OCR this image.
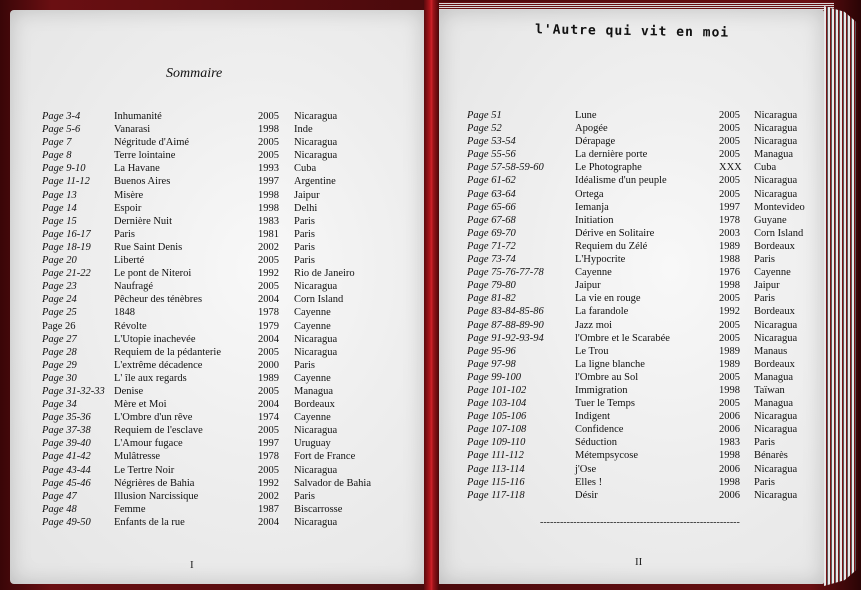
Sommaire
Page 3-4	Inhumanité	2005 Nicaragua
Page 5-6	Vanarasi	1998 Inde
Page 7	Négritude d'Aimé	2005 Nicaragua
Page 8	Terre lointaine	2005 Nicaragua
Page 9-10	La Havane	1993 Cuba
Page 11-12 Buenos Aires	1997 Argentine
Page 13	Misère	1998 Jaipur
Page 14	Espoir	1998 Delhi
Page 15	Dernière Nuit	1983 Paris
Page 16-17 Paris	1981 Paris
Page 18-19 Rue Saint Denis	2002 Paris
Page 20	Liberté	2005 Paris
Page 21-22 Le pont de Niteroi	1992 Rio de Janeiro
Page 23	Naufragé	2005 Nicaragua
Page 24	Pêcheur des ténèbres	2004 Corn Island
Page 25	1848	1978 Cayenne
Page 26	Révolte	1979 Cayenne
Page 27	L'Utopie inachevée	2004 Nicaragua
Page 28	Requiem de la pédanterie	2005 Nicaragua
Page 29	L'extrême décadence	2000 Paris
Page 30	L' île aux regards	1989 Cayenne
Page 31-32-33 Denise	2005 Managua
Page 34	Mère et Moi	2004 Bordeaux
Page 35-36 L'Ombre d'un rêve	1974 Cayenne
Page 37-38 Requiem de l'esclave	2005 Nicaragua
Page 39-40 L'Amour fugace	1997 Uruguay
Page 41-42 Mulâtresse	1978 Fort de France
Page 43-44 Le Tertre Noir	2005 Nicaragua
Page 45-46 Négrières de Bahia	1992 Salvador de Bahia
Page 47	Illusion Narcissique	2002 Paris
Page 48	Femme	1987 Biscarrosse
Page 49-50 Enfants de la rue	2004 Nicaragua

I

l'Autre qui vit en moi
Page 51	Lune	2005 Nicaragua
Page 52	Apogée	2005 Nicaragua
Page 53-54	Dérapage	2005 Nicaragua
Page 55-56	La dernière porte	2005 Managua
Page 57-58-59-60	Le Photographe	XXX Cuba
Page 61-62	Idéalisme d'un peuple	2005 Nicaragua
Page 63-64	Ortega	2005 Nicaragua
Page 65-66	Iemanja	1997 Montevideo
Page 67-68	Initiation	1978 Guyane
Page 69-70	Dérive en Solitaire	2003 Corn Island
Page 71-72	Requiem du Zélé	1989 Bordeaux
Page 73-74	L'Hypocrite	1988 Paris
Page 75-76-77-78	Cayenne	1976 Cayenne
Page 79-80	Jaipur	1998 Jaipur
Page 81-82	La vie en rouge	2005 Paris
Page 83-84-85-86	La farandole	1992 Bordeaux
Page 87-88-89-90	Jazz moi	2005 Nicaragua
Page 91-92-93-94	l'Ombre et le Scarabée	2005 Nicaragua
Page 95-96	Le Trou	1989 Manaus
Page 97-98	La ligne blanche	1989 Bordeaux
Page 99-100	l'Ombre au Sol	2005 Managua
Page 101-102	Immigration	1998 Taïwan
Page 103-104	Tuer le Temps	2005 Managua
Page 105-106	Indigent	2006 Nicaragua
Page 107-108	Confidence	2006 Nicaragua
Page 109-110	Séduction	1983 Paris
Page 111-112	Métempsycose	1998 Bénarès
Page 113-114	j'Ose	2006 Nicaragua
Page 115-116	Elles !	1998 Paris
Page 117-118	Désir	2006 Nicaragua

------------------------------------------------------------

II
